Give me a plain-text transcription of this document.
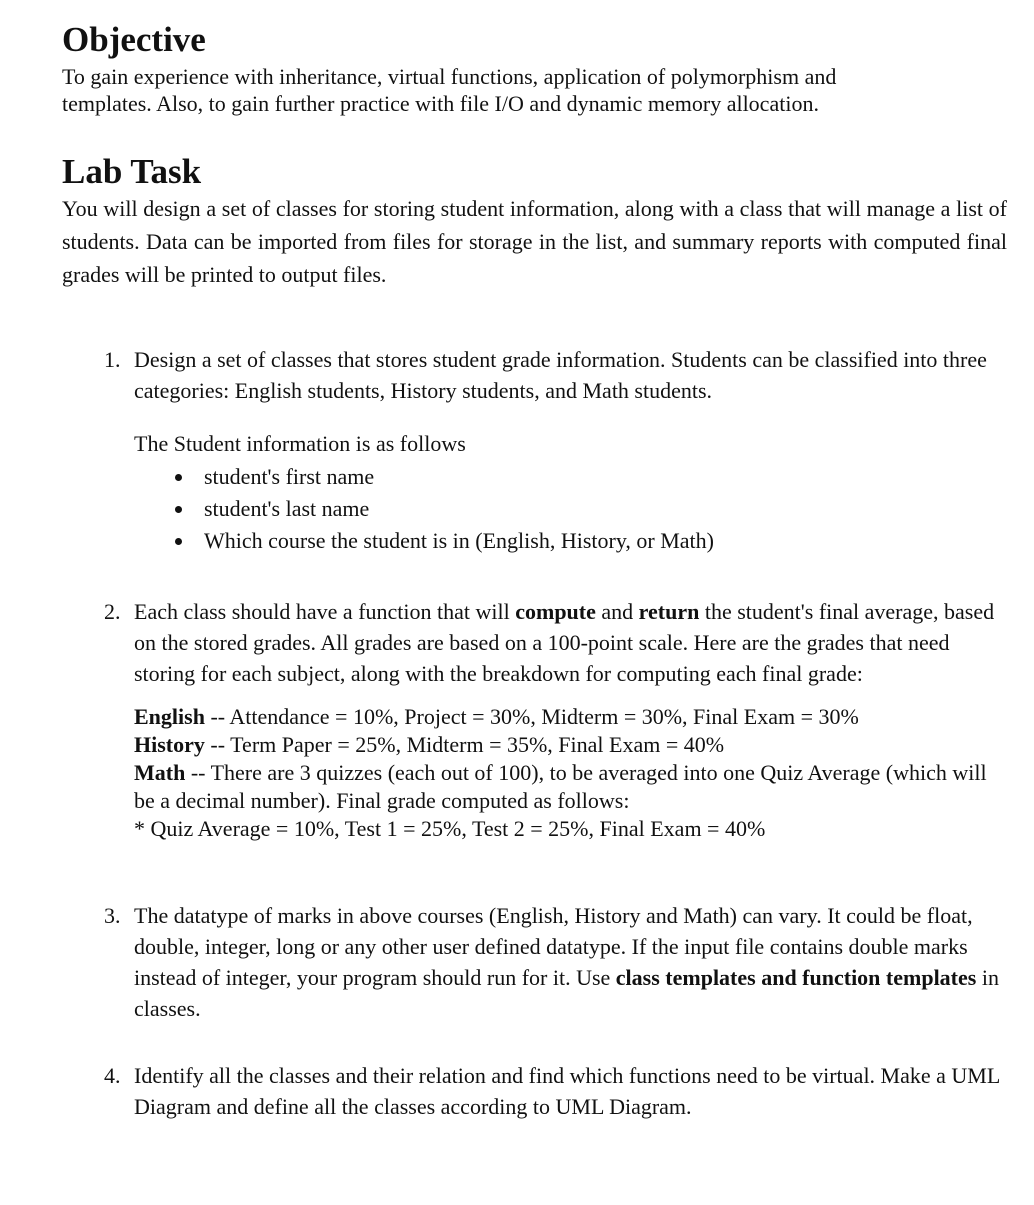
Objective
To gain experience with inheritance, virtual functions, application of polymorphism and
templates. Also, to gain further practice with file I/O and dynamic memory allocation.
Lab Task

You will design a set of classes for storing student information, along with a class that will manage a list of students. Data can be imported from files for storage in the list, and summary reports with computed final grades will be printed to output files.

1. Design a set of classes that stores student grade information. Students can be classified into three categories: English students, History students, and Math students.

The Student information is as follows

student's first name
student's last name
Which course the student is in (English, History, or Math)
2. Each class should have a function that will compute and return the student's final average, based on the stored grades. All grades are based on a 100-point scale. Here are the grades that need storing for each subject, along with the breakdown for computing each final grade:

English -- Attendance = 10%, Project = 30%, Midterm = 30%, Final Exam = 30%
History -- Term Paper = 25%, Midterm = 35%, Final Exam = 40%
Math -- There are 3 quizzes (each out of 100), to be averaged into one Quiz Average (which will be a decimal number). Final grade computed as follows:
* Quiz Average = 10%, Test 1 = 25%, Test 2 = 25%, Final Exam = 40%
3. The datatype of marks in above courses (English, History and Math) can vary. It could be float, double, integer, long or any other user defined datatype. If the input file contains double marks instead of integer, your program should run for it. Use class templates and function templates in classes.

4. Identify all the classes and their relation and find which functions need to be virtual. Make a UML Diagram and define all the classes according to UML Diagram.
